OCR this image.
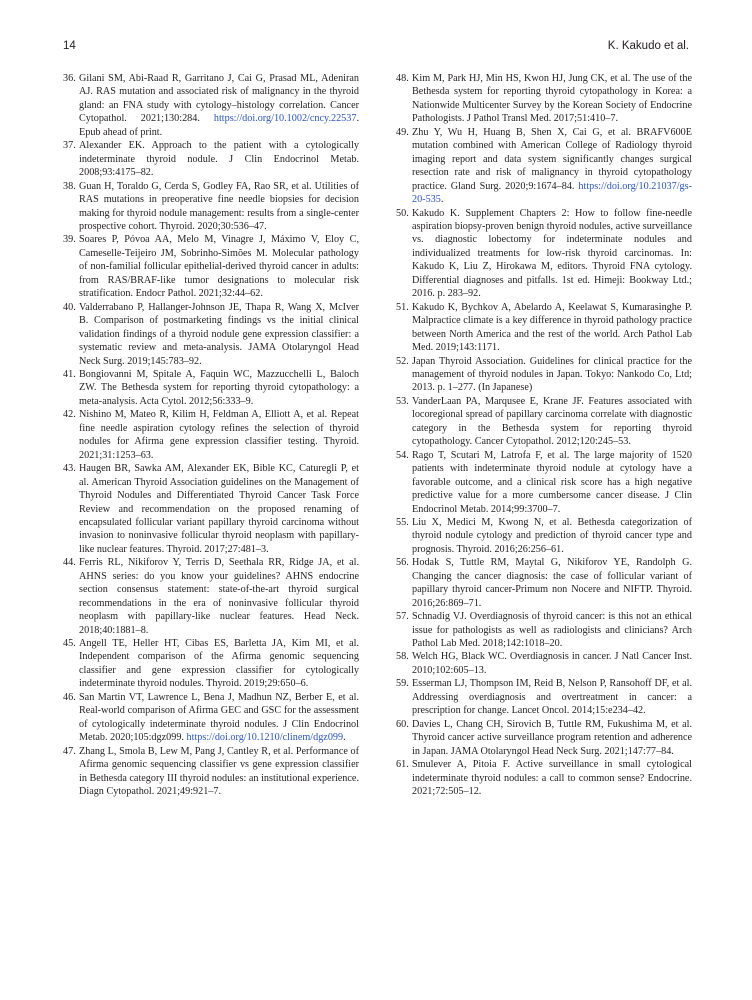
14	K. Kakudo et al.
36. Gilani SM, Abi-Raad R, Garritano J, Cai G, Prasad ML, Adeniran AJ. RAS mutation and associated risk of malignancy in the thyroid gland: an FNA study with cytology–histology correlation. Cancer Cytopathol. 2021;130:284. https://doi.org/10.1002/cncy.22537. Epub ahead of print.
37. Alexander EK. Approach to the patient with a cytologically indeterminate thyroid nodule. J Clin Endocrinol Metab. 2008;93:4175–82.
38. Guan H, Toraldo G, Cerda S, Godley FA, Rao SR, et al. Utilities of RAS mutations in preoperative fine needle biopsies for decision making for thyroid nodule management: results from a single-center prospective cohort. Thyroid. 2020;30:536–47.
39. Soares P, Póvoa AA, Melo M, Vinagre J, Máximo V, Eloy C, Cameselle-Teijeiro JM, Sobrinho-Simões M. Molecular pathology of non-familial follicular epithelial-derived thyroid cancer in adults: from RAS/BRAF-like tumor designations to molecular risk stratification. Endocr Pathol. 2021;32:44–62.
40. Valderrabano P, Hallanger-Johnson JE, Thapa R, Wang X, McIver B. Comparison of postmarketing findings vs the initial clinical validation findings of a thyroid nodule gene expression classifier: a systematic review and meta-analysis. JAMA Otolaryngol Head Neck Surg. 2019;145:783–92.
41. Bongiovanni M, Spitale A, Faquin WC, Mazzucchelli L, Baloch ZW. The Bethesda system for reporting thyroid cytopathology: a meta-analysis. Acta Cytol. 2012;56:333–9.
42. Nishino M, Mateo R, Kilim H, Feldman A, Elliott A, et al. Repeat fine needle aspiration cytology refines the selection of thyroid nodules for Afirma gene expression classifier testing. Thyroid. 2021;31:1253–63.
43. Haugen BR, Sawka AM, Alexander EK, Bible KC, Caturegli P, et al. American Thyroid Association guidelines on the Management of Thyroid Nodules and Differentiated Thyroid Cancer Task Force Review and recommendation on the proposed renaming of encapsulated follicular variant papillary thyroid carcinoma without invasion to noninvasive follicular thyroid neoplasm with papillary-like nuclear features. Thyroid. 2017;27:481–3.
44. Ferris RL, Nikiforov Y, Terris D, Seethala RR, Ridge JA, et al. AHNS series: do you know your guidelines? AHNS endocrine section consensus statement: state-of-the-art thyroid surgical recommendations in the era of noninvasive follicular thyroid neoplasm with papillary-like nuclear features. Head Neck. 2018;40:1881–8.
45. Angell TE, Heller HT, Cibas ES, Barletta JA, Kim MI, et al. Independent comparison of the Afirma genomic sequencing classifier and gene expression classifier for cytologically indeterminate thyroid nodules. Thyroid. 2019;29:650–6.
46. San Martin VT, Lawrence L, Bena J, Madhun NZ, Berber E, et al. Real-world comparison of Afirma GEC and GSC for the assessment of cytologically indeterminate thyroid nodules. J Clin Endocrinol Metab. 2020;105:dgz099. https://doi.org/10.1210/clinem/dgz099.
47. Zhang L, Smola B, Lew M, Pang J, Cantley R, et al. Performance of Afirma genomic sequencing classifier vs gene expression classifier in Bethesda category III thyroid nodules: an institutional experience. Diagn Cytopathol. 2021;49:921–7.
48. Kim M, Park HJ, Min HS, Kwon HJ, Jung CK, et al. The use of the Bethesda system for reporting thyroid cytopathology in Korea: a Nationwide Multicenter Survey by the Korean Society of Endocrine Pathologists. J Pathol Transl Med. 2017;51:410–7.
49. Zhu Y, Wu H, Huang B, Shen X, Cai G, et al. BRAFV600E mutation combined with American College of Radiology thyroid imaging report and data system significantly changes surgical resection rate and risk of malignancy in thyroid cytopathology practice. Gland Surg. 2020;9:1674–84. https://doi.org/10.21037/gs-20-535.
50. Kakudo K. Supplement Chapters 2: How to follow fine-needle aspiration biopsy-proven benign thyroid nodules, active surveillance vs. diagnostic lobectomy for indeterminate nodules and individualized treatments for low-risk thyroid carcinomas. In: Kakudo K, Liu Z, Hirokawa M, editors. Thyroid FNA cytology. Differential diagnoses and pitfalls. 1st ed. Himeji: Bookway Ltd.; 2016. p. 283–92.
51. Kakudo K, Bychkov A, Abelardo A, Keelawat S, Kumarasinghe P. Malpractice climate is a key difference in thyroid pathology practice between North America and the rest of the world. Arch Pathol Lab Med. 2019;143:1171.
52. Japan Thyroid Association. Guidelines for clinical practice for the management of thyroid nodules in Japan. Tokyo: Nankodo Co, Ltd; 2013. p. 1–277. (In Japanese)
53. VanderLaan PA, Marqusee E, Krane JF. Features associated with locoregional spread of papillary carcinoma correlate with diagnostic category in the Bethesda system for reporting thyroid cytopathology. Cancer Cytopathol. 2012;120:245–53.
54. Rago T, Scutari M, Latrofa F, et al. The large majority of 1520 patients with indeterminate thyroid nodule at cytology have a favorable outcome, and a clinical risk score has a high negative predictive value for a more cumbersome cancer disease. J Clin Endocrinol Metab. 2014;99:3700–7.
55. Liu X, Medici M, Kwong N, et al. Bethesda categorization of thyroid nodule cytology and prediction of thyroid cancer type and prognosis. Thyroid. 2016;26:256–61.
56. Hodak S, Tuttle RM, Maytal G, Nikiforov YE, Randolph G. Changing the cancer diagnosis: the case of follicular variant of papillary thyroid cancer-Primum non Nocere and NIFTP. Thyroid. 2016;26:869–71.
57. Schnadig VJ. Overdiagnosis of thyroid cancer: is this not an ethical issue for pathologists as well as radiologists and clinicians? Arch Pathol Lab Med. 2018;142:1018–20.
58. Welch HG, Black WC. Overdiagnosis in cancer. J Natl Cancer Inst. 2010;102:605–13.
59. Esserman LJ, Thompson IM, Reid B, Nelson P, Ransohoff DF, et al. Addressing overdiagnosis and overtreatment in cancer: a prescription for change. Lancet Oncol. 2014;15:e234–42.
60. Davies L, Chang CH, Sirovich B, Tuttle RM, Fukushima M, et al. Thyroid cancer active surveillance program retention and adherence in Japan. JAMA Otolaryngol Head Neck Surg. 2021;147:77–84.
61. Smulever A, Pitoia F. Active surveillance in small cytological indeterminate thyroid nodules: a call to common sense? Endocrine. 2021;72:505–12.
